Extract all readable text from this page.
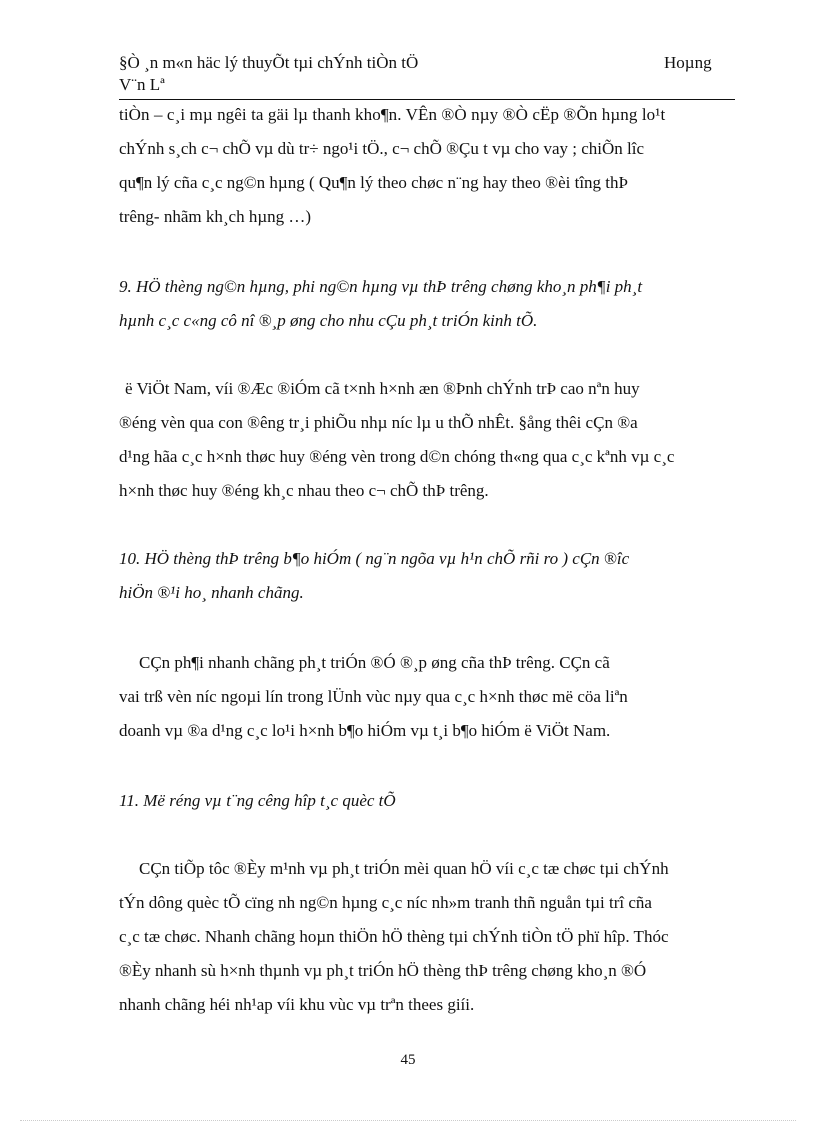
§Ò ¸n m«n häc lý thuyÕt tµi chÝnh tiÒn tÖ
V¨n Lª
Hoµng
tiÒn – c¸i mµ ngêi ta gäi lµ thanh kho¶n. VÊn ®Ò nµy ®Ò cËp ®Õn hµng lo¹t
chÝnh s¸ch c¬ chÕ vµ dù tr÷ ngo¹i tÖ., c¬ chÕ ®Çu t vµ cho vay ; chiÕn lîc
qu¶n lý cña c¸c ng©n hµng ( Qu¶n lý theo chøc n¨ng hay theo ®èi tîng thÞ
trêng- nhãm kh¸ch hµng …)
9. HÖ thèng ng©n hµng, phi ng©n hµng vµ thÞ trêng chøng kho¸n ph¶i ph¸t
hµnh c¸c c«ng cô nî ®¸p øng cho nhu cÇu ph¸t triÓn kinh tÕ.
ë ViÖt Nam, víi ®Æc ®iÓm cã t×nh h×nh æn ®Þnh chÝnh trÞ cao nªn huy
®éng vèn qua con ®êng tr¸i phiÕu nhµ níc lµ u thÕ nhÊt. §ång thêi cÇn ®a
d¹ng hãa c¸c h×nh thøc huy ®éng vèn trong d©n chóng th«ng qua c¸c kªnh vµ c¸c
h×nh thøc huy ®éng kh¸c nhau theo c¬ chÕ thÞ trêng.
10. HÖ thèng thÞ trêng b¶o hiÓm ( ng¨n ngõa vµ h¹n chÕ rñi ro ) cÇn ®îc
hiÖn ®¹i ho¸ nhanh chãng.
CÇn ph¶i nhanh chãng ph¸t triÓn ®Ó ®¸p øng cña thÞ trêng. CÇn cã
vai trß vèn níc ngoµi lín trong lÜnh vùc nµy qua c¸c h×nh thøc më cöa liªn
doanh vµ ®a d¹ng c¸c lo¹i h×nh b¶o hiÓm vµ t¸i b¶o hiÓm ë ViÖt Nam.
11. Më réng vµ t¨ng cêng hîp t¸c quèc tÕ
CÇn tiÕp tôc ®Èy m¹nh vµ ph¸t triÓn mèi quan hÖ víi c¸c tæ chøc tµi chÝnh
tÝn dông quèc tÕ cïng nh ng©n hµng c¸c níc nh»m tranh thñ nguån tµi trî cña
c¸c tæ chøc. Nhanh chãng hoµn thiÖn hÖ thèng tµi chÝnh tiÒn tÖ phï hîp. Thóc
®Èy nhanh sù h×nh thµnh vµ ph¸t triÓn hÖ thèng thÞ trêng chøng kho¸n ®Ó
nhanh chãng héi nh¹ap víi khu vùc vµ trªn thees giíi.
45
